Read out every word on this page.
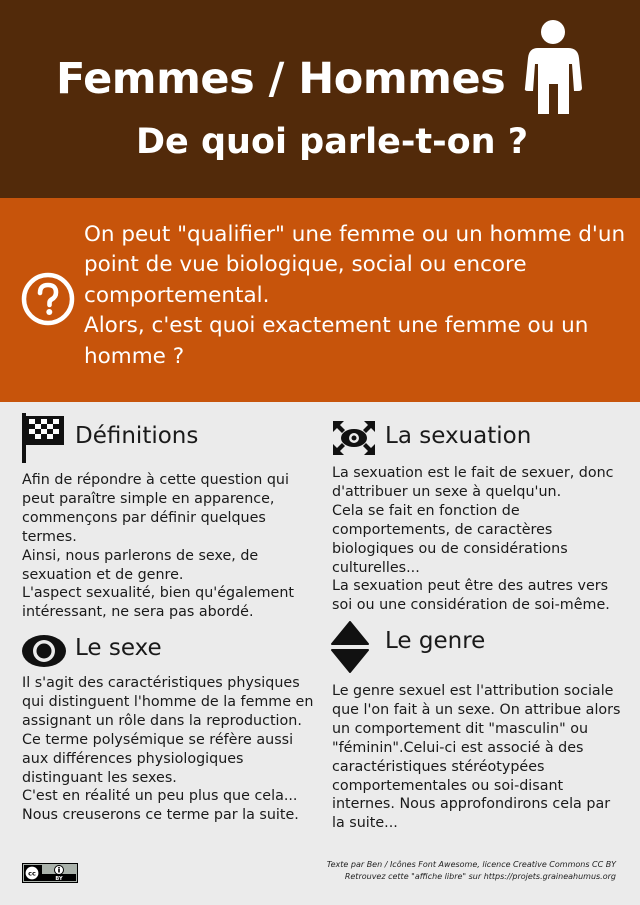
Femmes / Hommes
De quoi parle-t-on ?
On peut "qualifier" une femme ou un homme d'un point de vue biologique, social ou encore comportemental.
Alors, c'est quoi exactement une femme ou un homme ?
Définitions
Afin de répondre à cette question qui
peut paraître simple en apparence,
commençons par définir quelques
termes.
Ainsi, nous parlerons de sexe, de
sexuation et de genre.
L'aspect sexualité, bien qu'également
intéressant, ne sera pas abordé.
La sexuation
La sexuation est le fait de sexuer, donc
d'attribuer un sexe à quelqu'un.
Cela se fait en fonction de
comportements, de caractères
biologiques ou de considérations
culturelles...
La sexuation peut être des autres vers
soi ou une considération de soi-même.
Le sexe
Il s'agit des caractéristiques physiques
qui distinguent l'homme de la femme en
assignant un rôle dans la reproduction.
Ce terme polysémique se réfère aussi
aux différences physiologiques
distinguant les sexes.
C'est en réalité un peu plus que cela...
Nous creuserons ce terme par la suite.
Le genre
Le genre sexuel est l'attribution sociale
que l'on fait à un sexe. On attribue alors
un comportement dit "masculin" ou
"féminin".Celui-ci est associé à des
caractéristiques stéréotypées
comportementales ou soi-disant
internes. Nous approfondirons cela par
la suite...
cc
BY
Texte par Ben / Icônes Font Awesome, licence Creative Commons CC BY
Retrouvez cette "affiche libre" sur https://projets.graineahumus.org
